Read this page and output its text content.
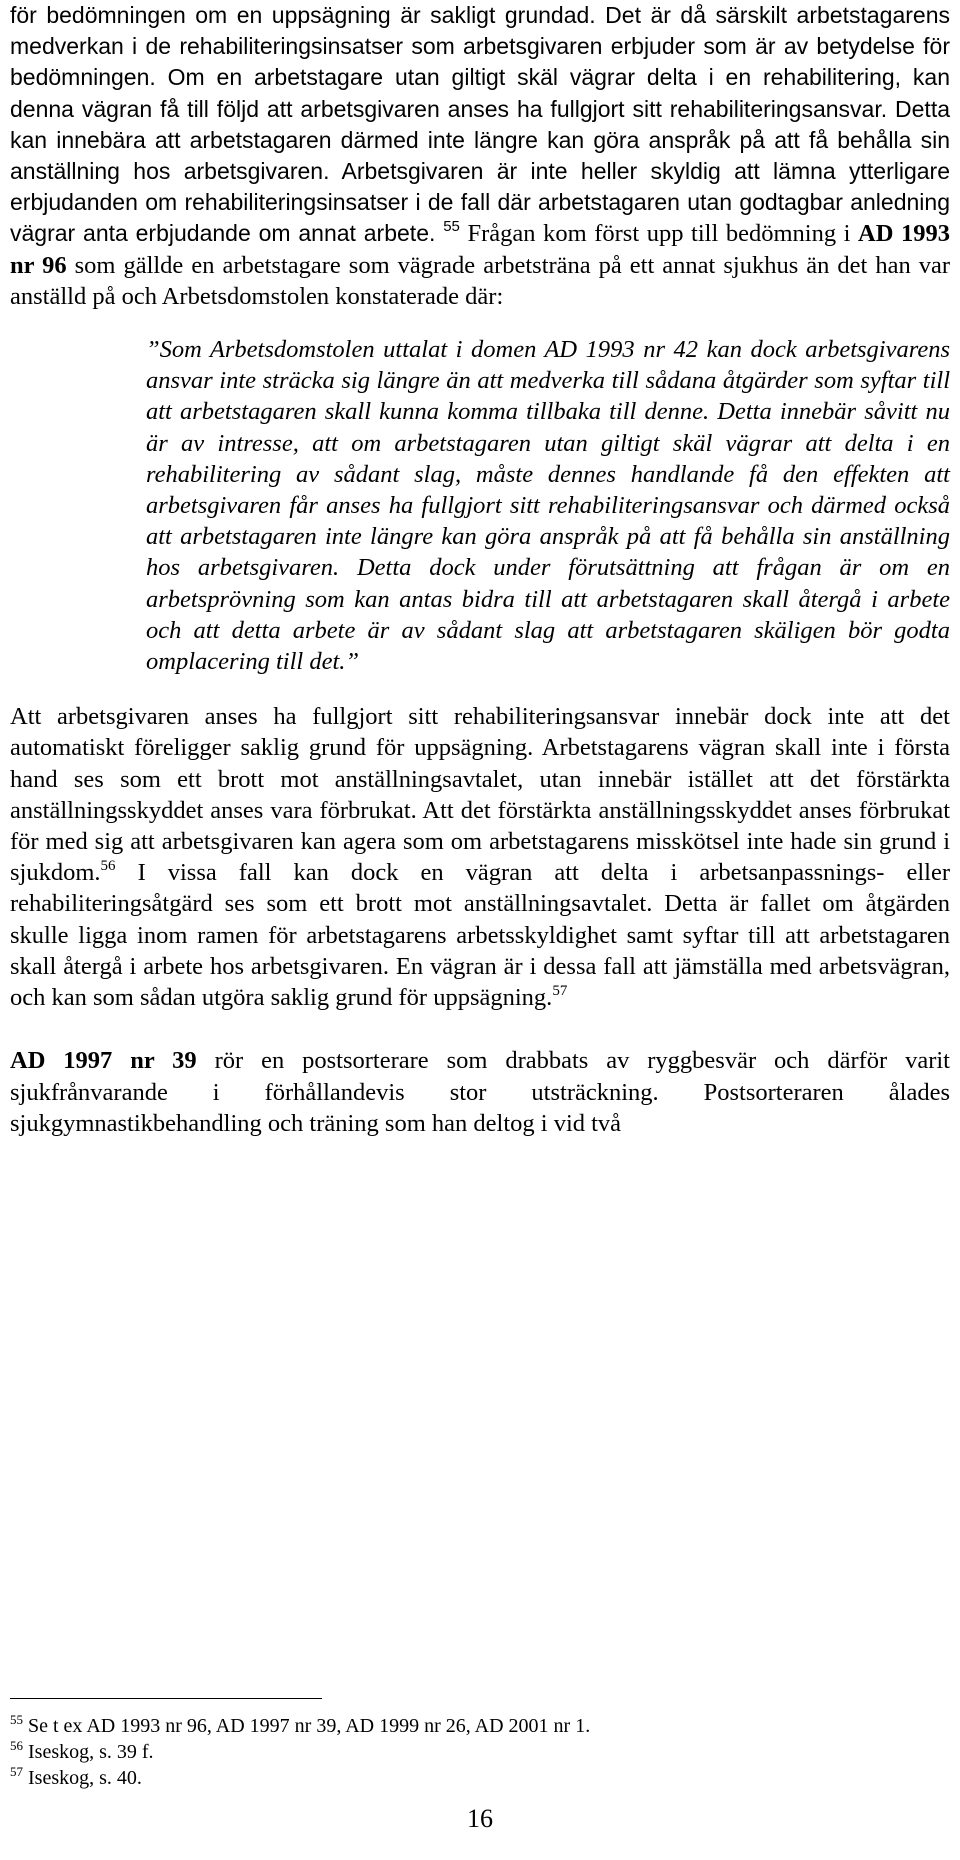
för bedömningen om en uppsägning är sakligt grundad. Det är då särskilt arbetstagarens medverkan i de rehabiliteringsinsatser som arbetsgivaren erbjuder som är av betydelse för bedömningen. Om en arbetstagare utan giltigt skäl vägrar delta i en rehabilitering, kan denna vägran få till följd att arbetsgivaren anses ha fullgjort sitt rehabiliteringsansvar. Detta kan innebära att arbetstagaren därmed inte längre kan göra anspråk på att få behålla sin anställning hos arbetsgivaren. Arbetsgivaren är inte heller skyldig att lämna ytterligare erbjudanden om rehabiliteringsinsatser i de fall där arbetstagaren utan godtagbar anledning vägrar anta erbjudande om annat arbete. $^{55}$ Frågan kom först upp till bedömning i AD 1993 nr 96 som gällde en arbetstagare som vägrade arbetsträna på ett annat sjukhus än det han var anställd på och Arbetsdomstolen konstaterade där:

”Som Arbetsdomstolen uttalat i domen AD 1993 nr 42 kan dock arbetsgivarens ansvar inte sträcka sig längre än att medverka till sådana åtgärder som syftar till att arbetstagaren skall kunna komma tillbaka till denne. Detta innebär såvitt nu är av intresse, att om arbetstagaren utan giltigt skäl vägrar att delta i en rehabilitering av sådant slag, måste dennes handlande få den effekten att arbetsgivaren får anses ha fullgjort sitt rehabiliteringsansvar och därmed också att arbetstagaren inte längre kan göra anspråk på att få behålla sin anställning hos arbetsgivaren. Detta dock under förutsättning att frågan är om en arbetsprövning som kan antas bidra till att arbetstagaren skall återgå i arbete och att detta arbete är av sådant slag att arbetstagaren skäligen bör godta omplacering till det.”

Att arbetsgivaren anses ha fullgjort sitt rehabiliteringsansvar innebär dock inte att det automatiskt föreligger saklig grund för uppsägning. Arbetstagarens vägran skall inte i första hand ses som ett brott mot anställningsavtalet, utan innebär istället att det förstärkta anställningsskyddet anses vara förbrukat. Att det förstärkta anställningsskyddet anses förbrukat för med sig att arbetsgivaren kan agera som om arbetstagarens misskötsel inte hade sin grund i sjukdom.$^{56}$ I vissa fall kan dock en vägran att delta i arbetsanpassnings- eller rehabiliteringsåtgärd ses som ett brott mot anställningsavtalet. Detta är fallet om åtgärden skulle ligga inom ramen för arbetstagarens arbetsskyldighet samt syftar till att arbetstagaren skall återgå i arbete hos arbetsgivaren. En vägran är i dessa fall att jämställa med arbetsvägran, och kan som sådan utgöra saklig grund för uppsägning.$^{57}$

AD 1997 nr 39 rör en postsorterare som drabbats av ryggbesvär och därför varit sjukfrånvarande i förhållandevis stor utsträckning. Postsorteraren ålades sjukgymnastikbehandling och träning som han deltog i vid två

$^{55}$ Se t ex AD 1993 nr 96, AD 1997 nr 39, AD 1999 nr 26, AD 2001 nr 1.
$^{56}$ Iseskog, s. 39 f.
$^{57}$ Iseskog, s. 40.
16
